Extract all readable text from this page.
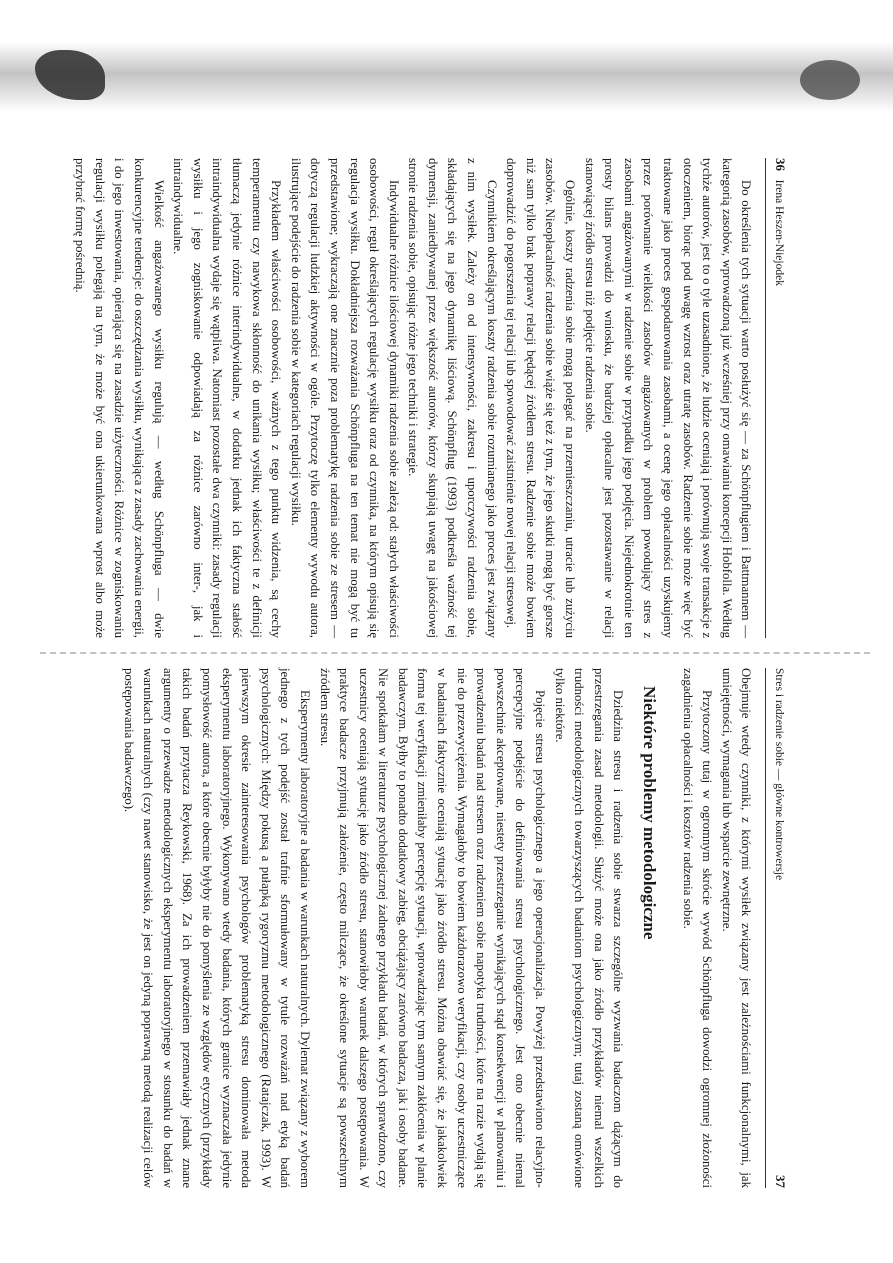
36   Irena Heszen-Niejodek

Do określenia tych sytuacji warto posłużyć się — za Schönpflugiem i Battmannem — kategorią zasobów, wprowadzoną już wcześniej przy omawianiu koncepcji Hobfolla. Według tychże autorów, jest to o tyle uzasadnione, że ludzie oceniają i porównują swoje transakcje z otoczeniem, biorąc pod uwagę wzrost oraz utratę zasobów. Radzenie sobie może więc być traktowane jako proces gospodarowania zasobami, a ocenę jego opłacalności uzyskujemy przez porównanie wielkości zasobów angażowanych w problem powodujący stres z zasobami angażowanymi w radzenie sobie w przypadku jego podjęcia. Niejednokrotnie ten prosty bilans prowadzi do wniosku, że bardziej opłacalne jest pozostawanie w relacji stanowiącej źródło stresu niż podjęcie radzenia sobie.

Ogólnie, koszty radzenia sobie mogą polegać na przemieszczaniu, utracie lub zużyciu zasobów. Nieopłacalność radzenia sobie wiąże się też z tym, że jego skutki mogą być gorsze niż sam tylko brak poprawy relacji będącej źródłem stresu. Radzenie sobie może bowiem doprowadzić do pogorszenia tej relacji lub spowodować zaistnienie nowej relacji stresowej.

Czynnikiem określającym koszty radzenia sobie rozumianego jako proces jest związany z nim wysiłek. Zależy on od intensywności, zakresu i uporczywości radzenia sobie, składających się na jego dynamikę liściową. Schönpflug (1993) podkreśla ważność tej dymensji, zaniedbywanej przez większość autorów, którzy skupiają uwagę na jakościowej stronie radzenia sobie, opisując różne jego techniki i strategie.

Indywidualne różnice ilościowej dynamiki radzenia sobie zależą od: stałych właściwości osobowości, reguł określających regulację wysiłku oraz od czynnika, na którym opisują się regulacja wysiłku. Dokładniejsza rozważania Schönpfluga na ten temat nie mogą być tu przedstawione; wykraczają one znacznie poza problematykę radzenia sobie ze stresem — dotyczą regulacji ludzkiej aktywności w ogóle. Przytoczę tylko elementy wywodu autora, ilustrujące podejście do radzenia sobie w kategoriach regulacji wysiłku.

Przykładem właściwości osobowości, ważnych z tego punktu widzenia, są cechy temperamentu czy nawykowa skłonność do unikania wysiłku; właściwości te z definicji tłumaczą jedynie różnice interindywidualne, w dodatku jednak ich faktyczna stałość intraindywidualna wydaje się wątpliwa. Natomiast pozostałe dwa czynniki: zasady regulacji wysiłku i jego zogniskowanie odpowiadają za różnice zarówno inter-, jak i intraindywidualne.

Wielkość angażowanego wysiłku regulują — według Schönpfluga — dwie konkurencyjne tendencje: do oszczędzania wysiłku, wynikająca z zasady zachowania energii, i do jego inwestowania, opierająca się na zasadzie użyteczności. Różnice w zogniskowaniu regulacji wysiłku polegają na tym, że może być ona ukierunkowana wprost albo może przybrać formę pośrednią.

Stres i radzenie sobie — główne kontrowersje
37

Obejmuje wtedy czynniki, z którymi wysiłek związany jest zależnościami funkcjonalnymi, jak umiejętności, wymagania lub wsparcie zewnętrzne.

Przytoczony tutaj w ogromnym skrócie wywód Schönpfluga dowodzi ogromnej złożoności zagadnienia opłacalności i kosztów radzenia sobie.

Niektóre problemy metodologiczne

Dziedzina stresu i radzenia sobie stwarza szczególne wyzwania badaczom dążącym do przestrzegania zasad metodologii. Służyć może ona jako źródło przykładów niemal wszelkich trudności metodologicznych towarzyszących badaniom psychologicznym; tutaj zostaną omówione tylko niektóre.

Pojęcie stresu psychologicznego a jego operacjonalizacja. Powyżej przedstawiono relacyjno-percepcyjne podejście do definiowania stresu psychologicznego. Jest ono obecnie niemal powszechnie akceptowane, niestety przestrzeganie wynikających stąd konsekwencji w planowaniu i prowadzeniu badań nad stresem oraz radzeniem sobie napotyka trudności, które na razie wydają się nie do przezwyciężenia. Wymagałoby to bowiem każdorazowo weryfikacji, czy osoby uczestniczące w badaniach faktycznie oceniają sytuację jako źródło stresu. Można obawiać się, że jakakolwiek forma tej weryfikacji zmieniłaby percepcję sytuacji, wprowadzając tym samym zakłócenia w planie badawczym. Byłby to ponadto dodatkowy zabieg, obciążający zarówno badacza, jak i osoby badane. Nie spotkałam w literaturze psychologicznej żadnego przykładu badań, w których sprawdzono, czy uczestnicy oceniają sytuację jako źródło stresu, stanowiłoby warunek dalszego postępowania. W praktyce badacze przyjmują założenie, często milczące, że określone sytuacje są powszechnym źródłem stresu.

Eksperymenty laboratoryjne a badania w warunkach naturalnych. Dylemat związany z wyborem jednego z tych podejść został trafnie sformułowany w tytule rozważań nad etyką badań psychologicznych: Między pokusą a pułapką rygoryzmu metodologicznego (Ratajczak, 1993). W pierwszym okresie zainteresowania psychologów problematyką stresu dominowała metoda eksperymentu laboratoryjnego. Wykonywano wtedy badania, których granice wyznaczała jedynie pomysłowość autora, a które obecnie byłyby nie do pomyślenia ze względów etycznych (przykłady takich badań przytacza Reykowski, 1968). Za ich prowadzeniem przemawiały jednak znane argumenty o przewadze metodologicznych eksperymentu laboratoryjnego w stosunku do badań w warunkach naturalnych (czy nawet stanowisko, że jest on jedyną poprawną metodą realizacji celów postępowania badawczego).
